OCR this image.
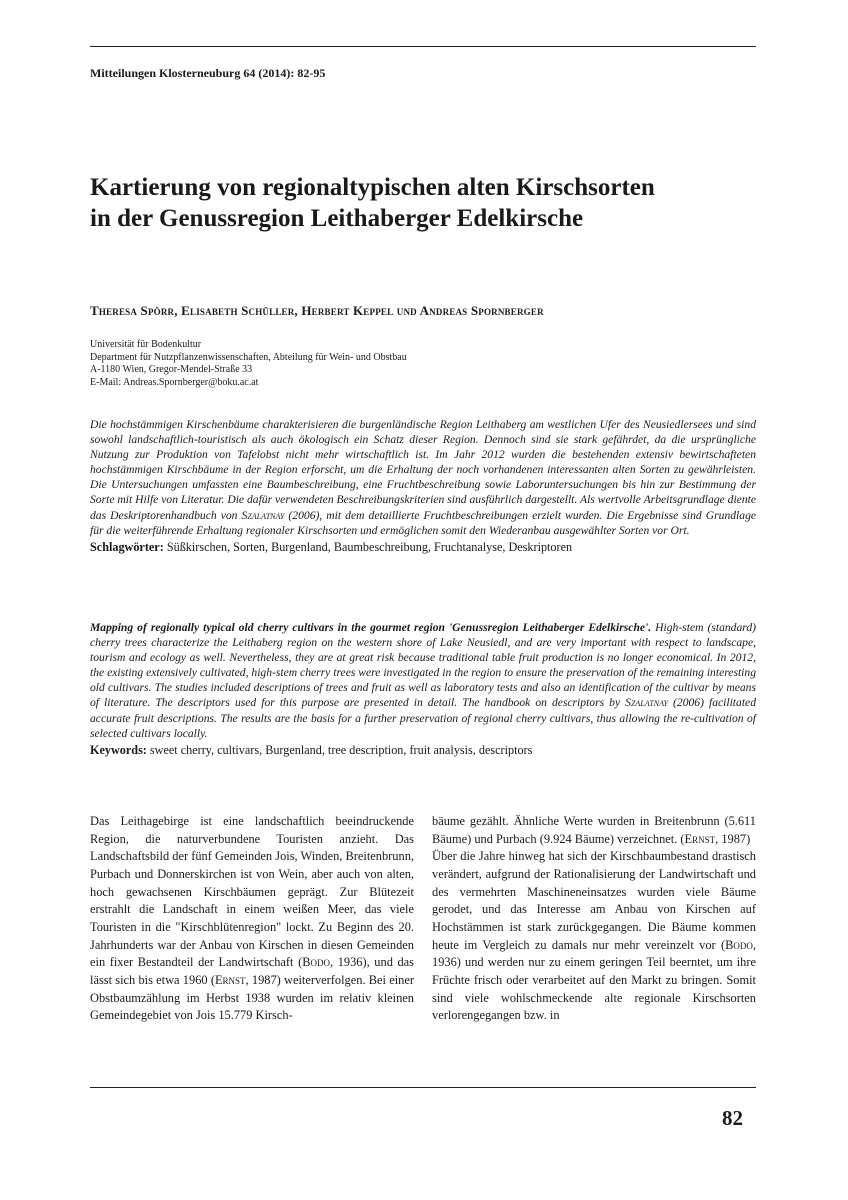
Mitteilungen Klosterneuburg 64 (2014): 82-95
Kartierung von regionaltypischen alten Kirschsorten
in der Genussregion Leithaberger Edelkirsche
Theresa Spörr, Elisabeth Schüller, Herbert Keppel und Andreas Spornberger
Universität für Bodenkultur
Department für Nutzpflanzenwissenschaften, Abteilung für Wein- und Obstbau
A-1180 Wien, Gregor-Mendel-Straße 33
E-Mail: Andreas.Spornberger@boku.ac.at
Die hochstämmigen Kirschenbäume charakterisieren die burgenländische Region Leithaberg am westlichen Ufer des Neusiedlersees und sind sowohl landschaftlich-touristisch als auch ökologisch ein Schatz dieser Region. Dennoch sind sie stark gefährdet, da die ursprüngliche Nutzung zur Produktion von Tafelobst nicht mehr wirtschaftlich ist. Im Jahr 2012 wurden die bestehenden extensiv bewirtschafteten hochstämmigen Kirschbäume in der Region erforscht, um die Erhaltung der noch vorhandenen interessanten alten Sorten zu gewährleisten. Die Untersuchungen umfassten eine Baumbeschreibung, eine Fruchtbeschreibung sowie Laboruntersuchungen bis hin zur Bestimmung der Sorte mit Hilfe von Literatur. Die dafür verwendeten Beschreibungskriterien sind ausführlich dargestellt. Als wertvolle Arbeitsgrundlage diente das Deskriptorenhandbuch von Szalatnay (2006), mit dem detaillierte Fruchtbeschreibungen erzielt wurden. Die Ergebnisse sind Grundlage für die weiterführende Erhaltung regionaler Kirschsorten und ermöglichen somit den Wiederanbau ausgewählter Sorten vor Ort.
Schlagwörter: Süßkirschen, Sorten, Burgenland, Baumbeschreibung, Fruchtanalyse, Deskriptoren
Mapping of regionally typical old cherry cultivars in the gourmet region 'Genussregion Leithaberger Edelkirsche'. High-stem (standard) cherry trees characterize the Leithaberg region on the western shore of Lake Neusiedl, and are very important with respect to landscape, tourism and ecology as well. Nevertheless, they are at great risk because traditional table fruit production is no longer economical. In 2012, the existing extensively cultivated, high-stem cherry trees were investigated in the region to ensure the preservation of the remaining interesting old cultivars. The studies included descriptions of trees and fruit as well as laboratory tests and also an identification of the cultivar by means of literature. The descriptors used for this purpose are presented in detail. The handbook on descriptors by Szalatnay (2006) facilitated accurate fruit descriptions. The results are the basis for a further preservation of regional cherry cultivars, thus allowing the re-cultivation of selected cultivars locally.
Keywords: sweet cherry, cultivars, Burgenland, tree description, fruit analysis, descriptors
Das Leithagebirge ist eine landschaftlich beeindruckende Region, die naturverbundene Touristen anzieht. Das Landschaftsbild der fünf Gemeinden Jois, Winden, Breitenbrunn, Purbach und Donnerskirchen ist von Wein, aber auch von alten, hoch gewachsenen Kirschbäumen geprägt. Zur Blütezeit erstrahlt die Landschaft in einem weißen Meer, das viele Touristen in die "Kirschblütenregion" lockt. Zu Beginn des 20. Jahrhunderts war der Anbau von Kirschen in diesen Gemeinden ein fixer Bestandteil der Landwirtschaft (Bodo, 1936), und das lässt sich bis etwa 1960 (Ernst, 1987) weiterverfolgen. Bei einer Obstbaumzählung im Herbst 1938 wurden im relativ kleinen Gemeindegebiet von Jois 15.779 Kirsch-
bäume gezählt. Ähnliche Werte wurden in Breitenbrunn (5.611 Bäume) und Purbach (9.924 Bäume) verzeichnet. (Ernst, 1987)
Über die Jahre hinweg hat sich der Kirschbaumbestand drastisch verändert, aufgrund der Rationalisierung der Landwirtschaft und des vermehrten Maschineneinsatzes wurden viele Bäume gerodet, und das Interesse am Anbau von Kirschen auf Hochstämmen ist stark zurückgegangen. Die Bäume kommen heute im Vergleich zu damals nur mehr vereinzelt vor (Bodo, 1936) und werden nur zu einem geringen Teil beerntet, um ihre Früchte frisch oder verarbeitet auf den Markt zu bringen. Somit sind viele wohlschmeckende alte regionale Kirschsorten verlorengegangen bzw. in
82
